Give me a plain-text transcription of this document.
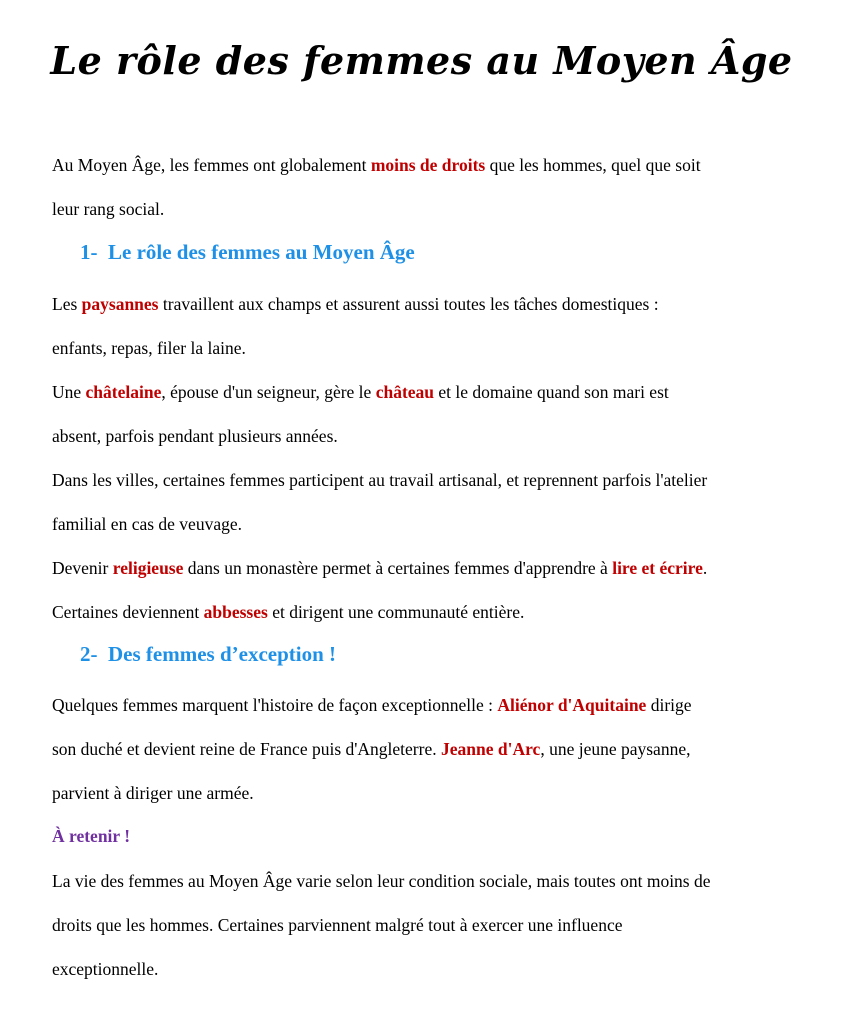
Le rôle des femmes au Moyen Âge

Au Moyen Âge, les femmes ont globalement moins de droits que les hommes, quel que soit

leur rang social.

1- Le rôle des femmes au Moyen Âge

Les paysannes travaillent aux champs et assurent aussi toutes les tâches domestiques :

enfants, repas, filer la laine.

Une châtelaine, épouse d'un seigneur, gère le château et le domaine quand son mari est

absent, parfois pendant plusieurs années.

Dans les villes, certaines femmes participent au travail artisanal, et reprennent parfois l'atelier

familial en cas de veuvage.

Devenir religieuse dans un monastère permet à certaines femmes d'apprendre à lire et écrire.

Certaines deviennent abbesses et dirigent une communauté entière.

2- Des femmes d’exception !

Quelques femmes marquent l'histoire de façon exceptionnelle : Aliénor d'Aquitaine dirige

son duché et devient reine de France puis d'Angleterre. Jeanne d'Arc, une jeune paysanne,

parvient à diriger une armée.

À retenir !

La vie des femmes au Moyen Âge varie selon leur condition sociale, mais toutes ont moins de

droits que les hommes. Certaines parviennent malgré tout à exercer une influence

exceptionnelle.
